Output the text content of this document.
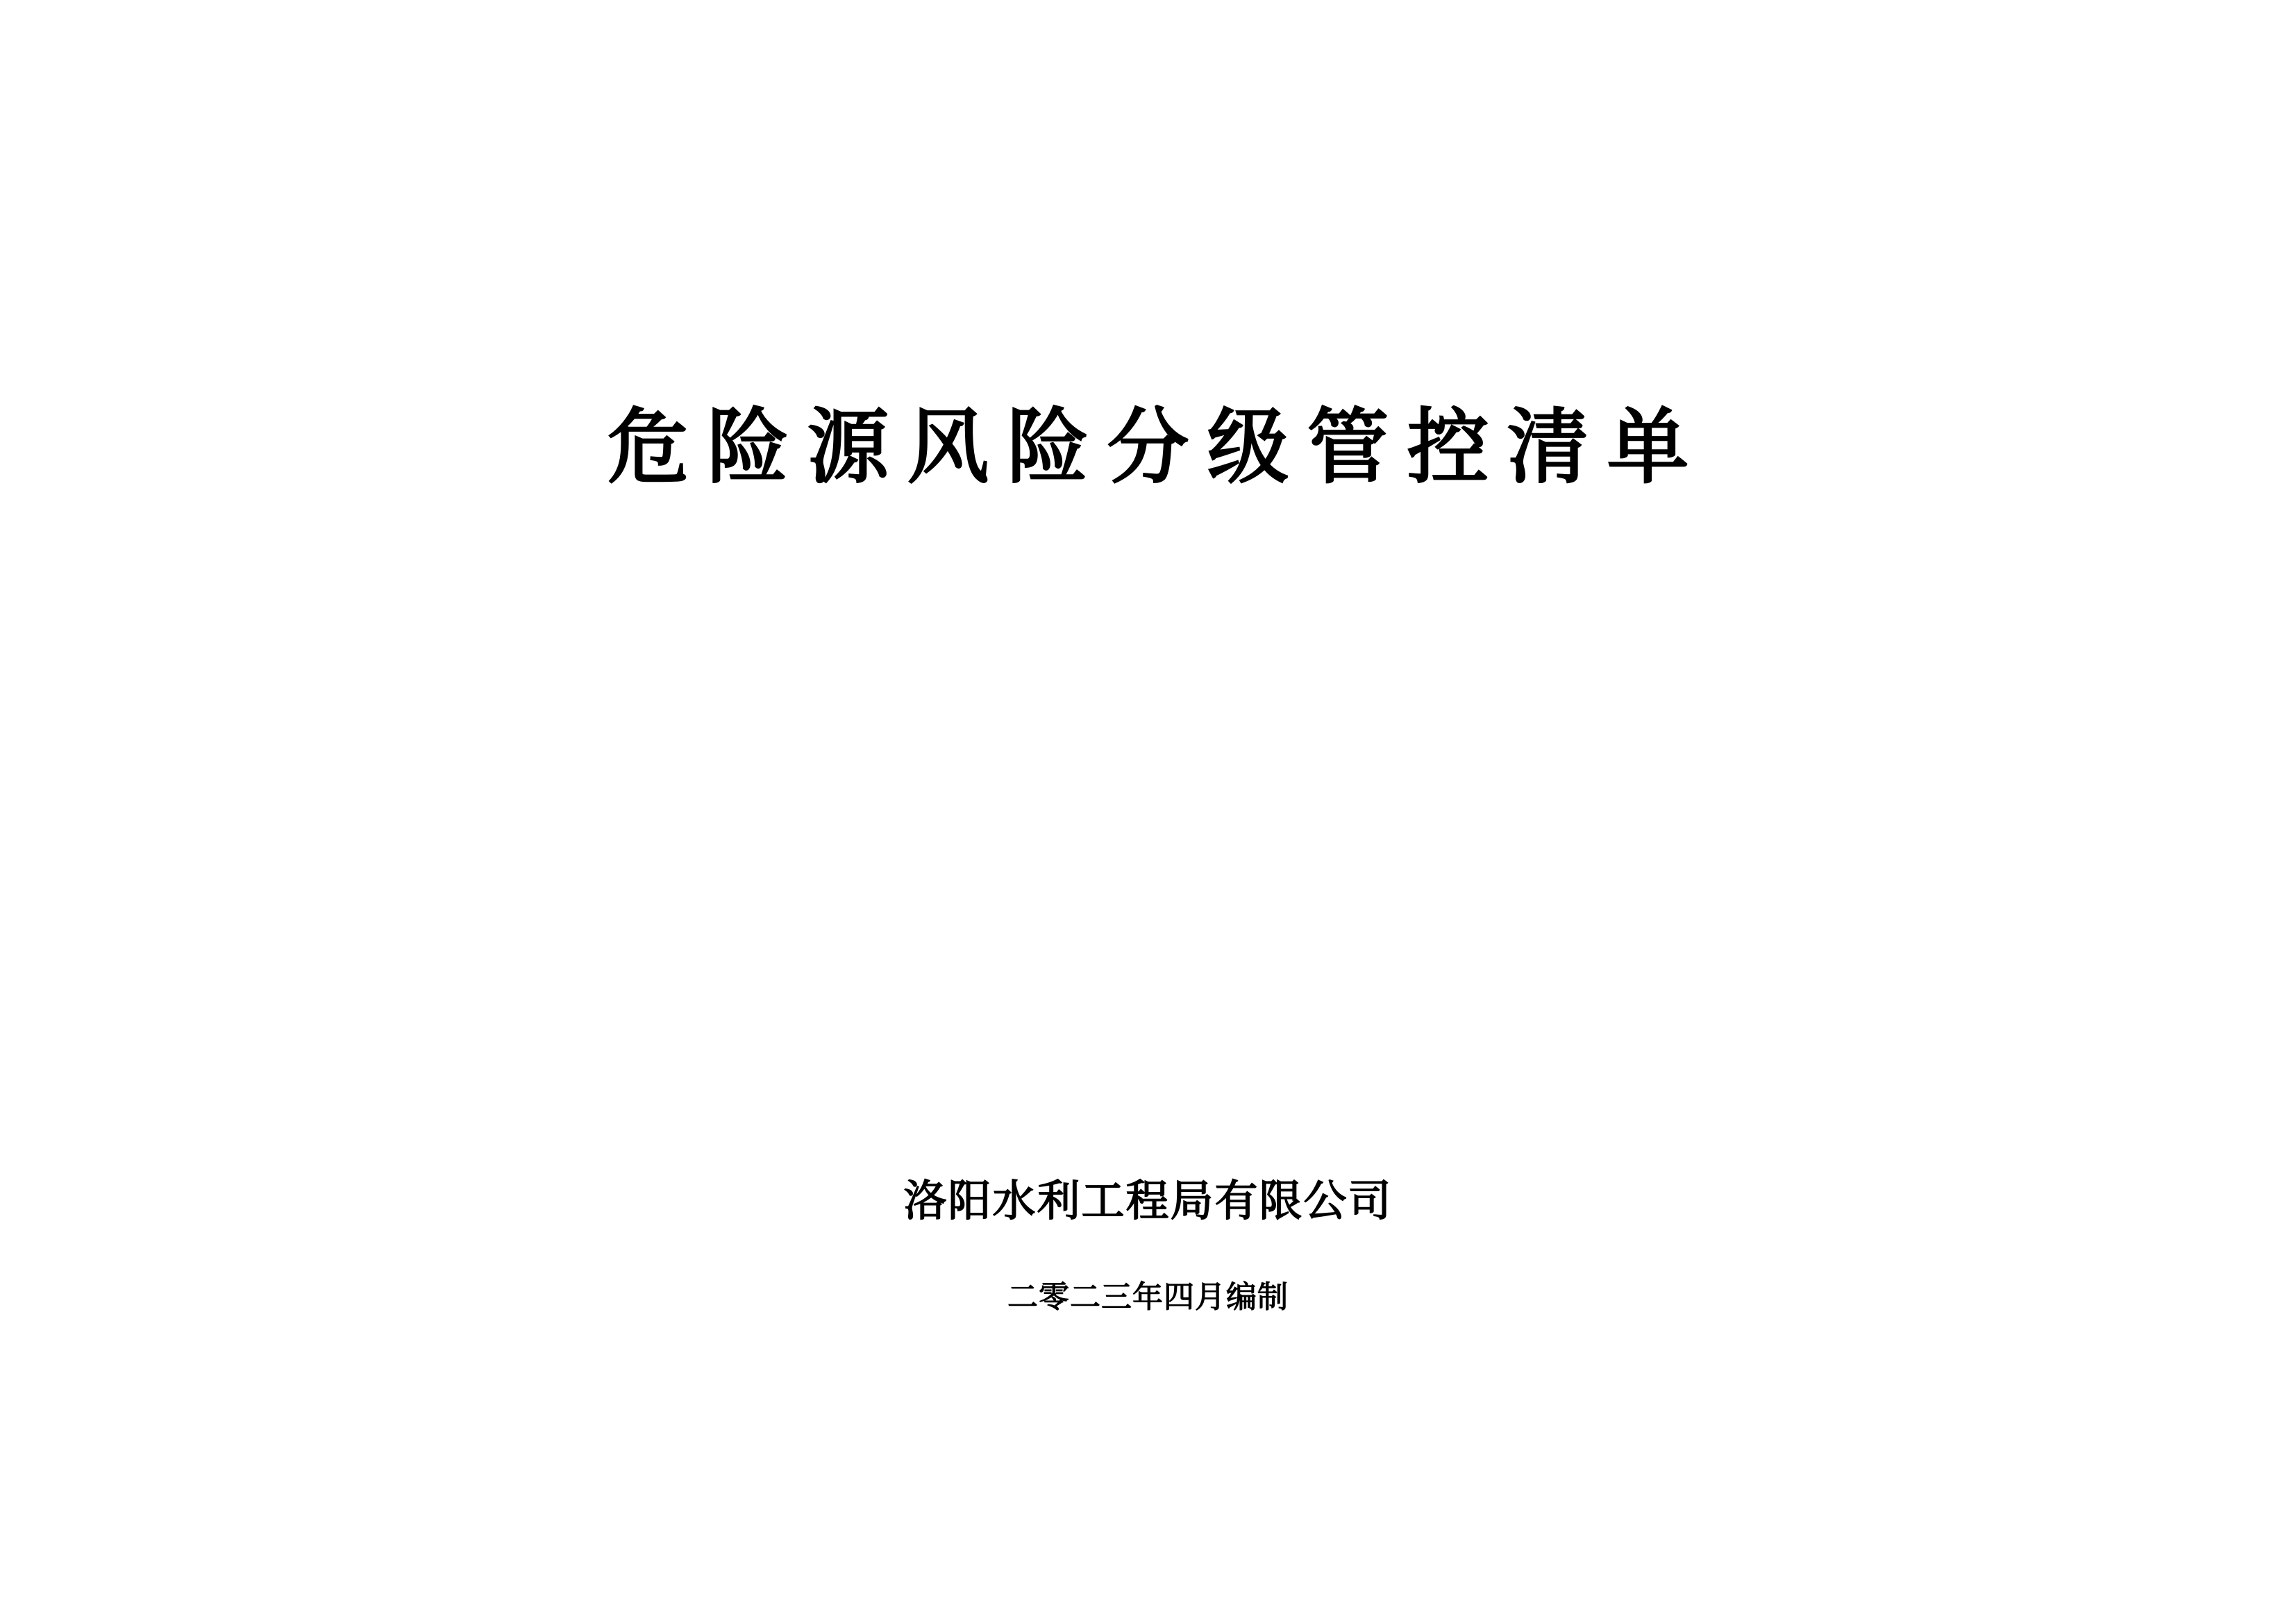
危险源风险分级管控清单
洛阳水利工程局有限公司
二零二三年四月编制
